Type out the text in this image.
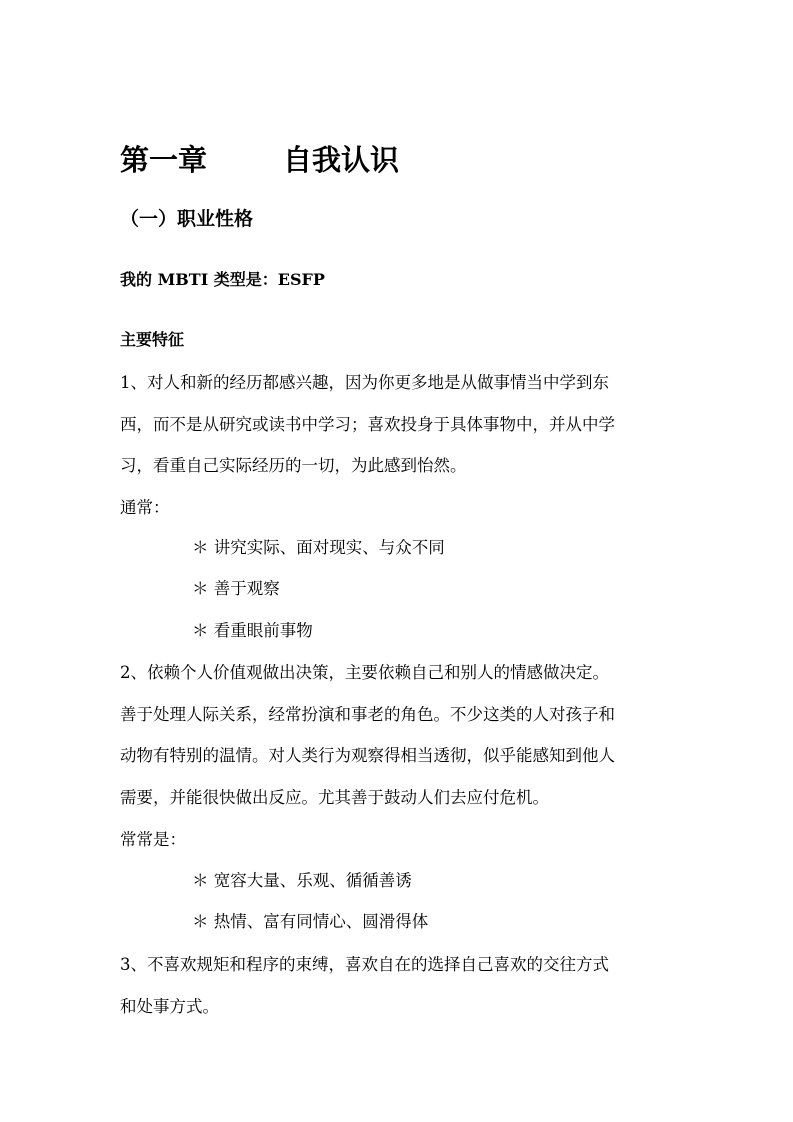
第一章	自我认识
（一）职业性格
我的 MBTI 类型是：ESFP
主要特征
1、对人和新的经历都感兴趣，因为你更多地是从做事情当中学到东
西，而不是从研究或读书中学习；喜欢投身于具体事物中，并从中学
习，看重自己实际经历的一切，为此感到怡然。
通常：
＊ 讲究实际、面对现实、与众不同
＊ 善于观察
＊ 看重眼前事物
2、依赖个人价值观做出决策，主要依赖自己和别人的情感做决定。
善于处理人际关系，经常扮演和事老的角色。不少这类的人对孩子和
动物有特别的温情。对人类行为观察得相当透彻，似乎能感知到他人
需要，并能很快做出反应。尤其善于鼓动人们去应付危机。
常常是：
＊ 宽容大量、乐观、循循善诱
＊ 热情、富有同情心、圆滑得体
3、不喜欢规矩和程序的束缚，喜欢自在的选择自己喜欢的交往方式
和处事方式。
